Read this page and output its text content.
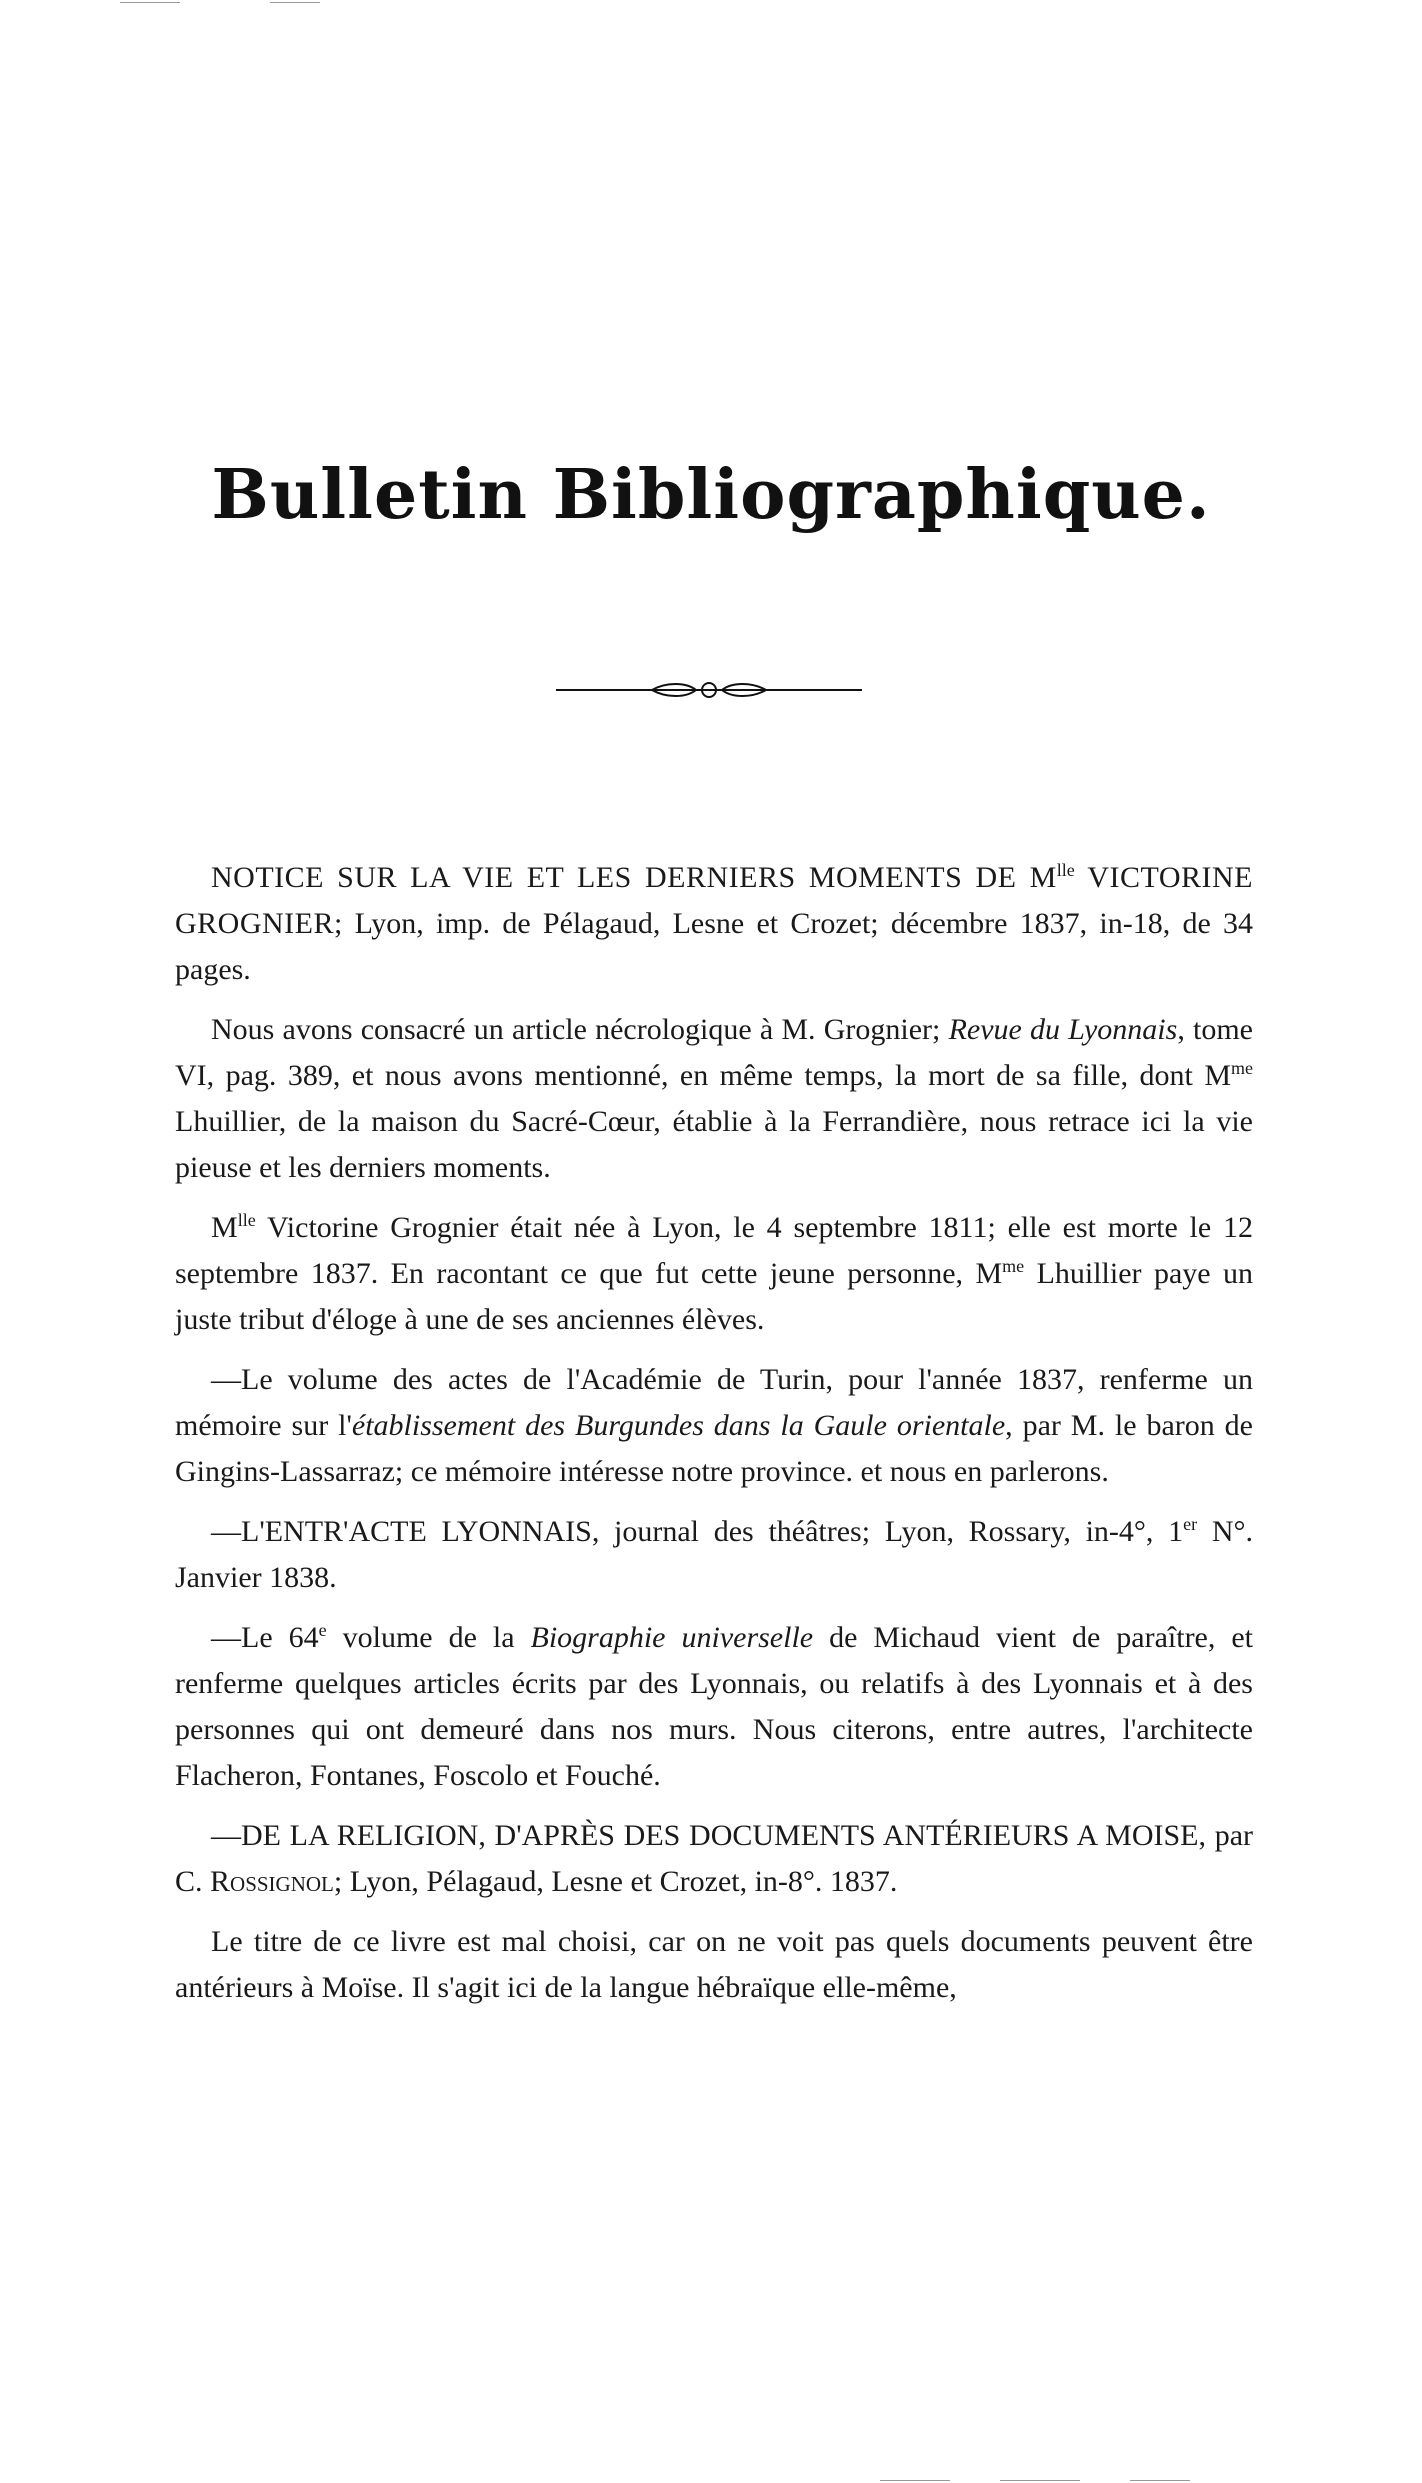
Bulletin Bibliographique.

NOTICE SUR LA VIE ET LES DERNIERS MOMENTS DE $M^{lle}$ VICTORINE GROGNIER; Lyon, imp. de Pélagaud, Lesne et Crozet; décembre 1837, in-18, de 34 pages.

Nous avons consacré un article nécrologique à M. Grognier; Revue du Lyonnais, tome VI, pag. 389, et nous avons mentionné, en même temps, la mort de sa fille, dont $M^{me}$ Lhuillier, de la maison du Sacré-Cœur, établie à la Ferrandière, nous retrace ici la vie pieuse et les derniers moments.

$M^{lle}$ Victorine Grognier était née à Lyon, le 4 septembre 1811; elle est morte le 12 septembre 1837. En racontant ce que fut cette jeune personne, $M^{me}$ Lhuillier paye un juste tribut d'éloge à une de ses anciennes élèves.

—Le volume des actes de l'Académie de Turin, pour l'année 1837, renferme un mémoire sur l'établissement des Burgundes dans la Gaule orientale, par M. le baron de Gingins-Lassarraz; ce mémoire intéresse notre province. et nous en parlerons.

—L'ENTR'ACTE LYONNAIS, journal des théâtres; Lyon, Rossary, in-4°, 1er N°. Janvier 1838.

—Le 64e volume de la Biographie universelle de Michaud vient de paraître, et renferme quelques articles écrits par des Lyonnais, ou relatifs à des Lyonnais et à des personnes qui ont demeuré dans nos murs. Nous citerons, entre autres, l'architecte Flacheron, Fontanes, Foscolo et Fouché.

—DE LA RELIGION, D'APRÈS DES DOCUMENTS ANTÉRIEURS A MOISE, par C. Rossignol; Lyon, Pélagaud, Lesne et Crozet, in-8°. 1837.

Le titre de ce livre est mal choisi, car on ne voit pas quels documents peuvent être antérieurs à Moïse. Il s'agit ici de la langue hébraïque elle-même,
